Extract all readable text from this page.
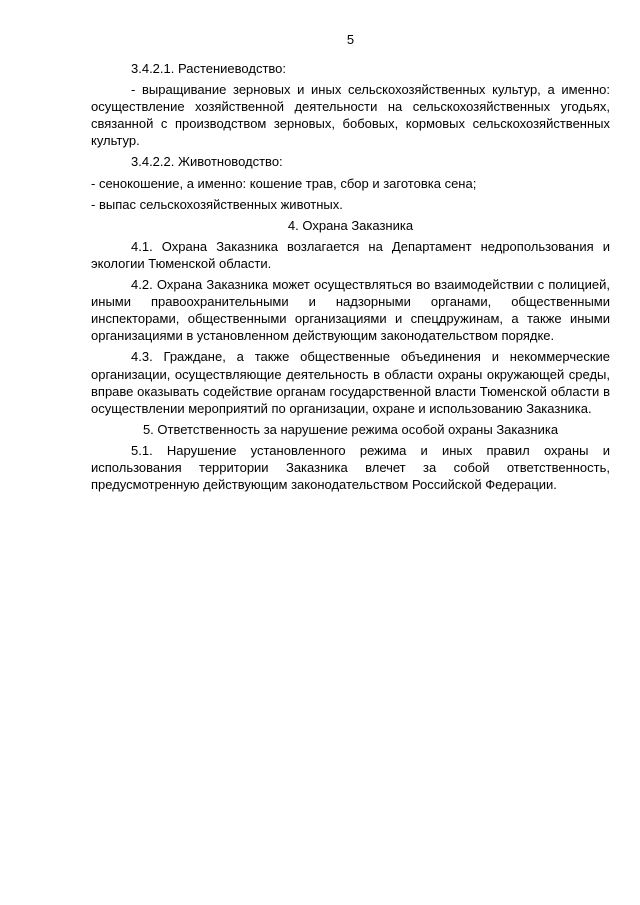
5

3.4.2.1. Растениеводство:

- выращивание зерновых и иных сельскохозяйственных культур, а именно: осуществление хозяйственной деятельности на сельскохозяйственных угодьях, связанной с производством зерновых, бобовых, кормовых сельскохозяйственных культур.

3.4.2.2. Животноводство:

- сенокошение, а именно: кошение трав, сбор и заготовка сена;

- выпас сельскохозяйственных животных.

4. Охрана Заказника

4.1. Охрана Заказника возлагается на Департамент недропользования и экологии Тюменской области.

4.2. Охрана Заказника может осуществляться во взаимодействии с полицией, иными правоохранительными и надзорными органами, общественными инспекторами, общественными организациями и спецдружинам, а также иными организациями в установленном действующим законодательством порядке.

4.3. Граждане, а также общественные объединения и некоммерческие организации, осуществляющие деятельность в области охраны окружающей среды, вправе оказывать содействие органам государственной власти Тюменской области в осуществлении мероприятий по организации, охране и использованию Заказника.

5. Ответственность за нарушение режима особой охраны Заказника

5.1. Нарушение установленного режима и иных правил охраны и использования территории Заказника влечет за собой ответственность, предусмотренную действующим законодательством Российской Федерации.
